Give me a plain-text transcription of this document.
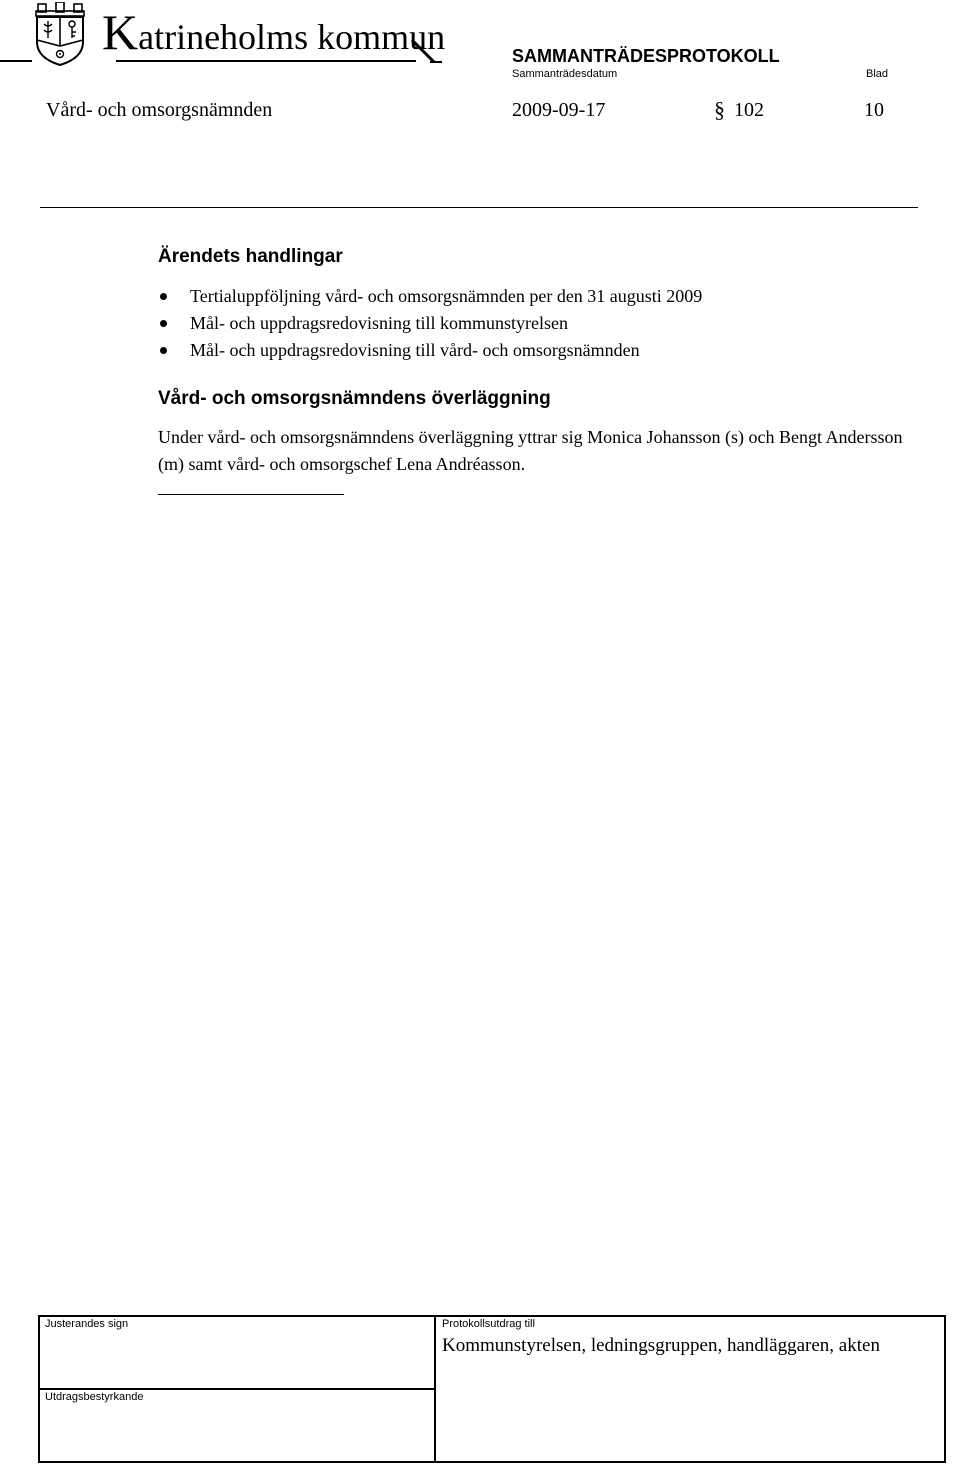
Katrineholms kommun	SAMMANTRÄDESPROTOKOLL
Sammanträdesdatum	Blad
Vård- och omsorgsnämnden	2009-09-17	§ 102	10
Ärendets handlingar
Tertialuppföljning vård- och omsorgsnämnden per den 31 augusti 2009
Mål- och uppdragsredovisning till kommunstyrelsen
Mål- och uppdragsredovisning till vård- och omsorgsnämnden
Vård- och omsorgsnämndens överläggning
Under vård- och omsorgsnämndens överläggning yttrar sig Monica Johansson (s) och Bengt Andersson (m) samt vård- och omsorgschef Lena Andréasson.
Justerandes sign	Protokollsutdrag till
Kommunstyrelsen, ledningsgruppen, handläggaren, akten
Utdragsbestyrkande
